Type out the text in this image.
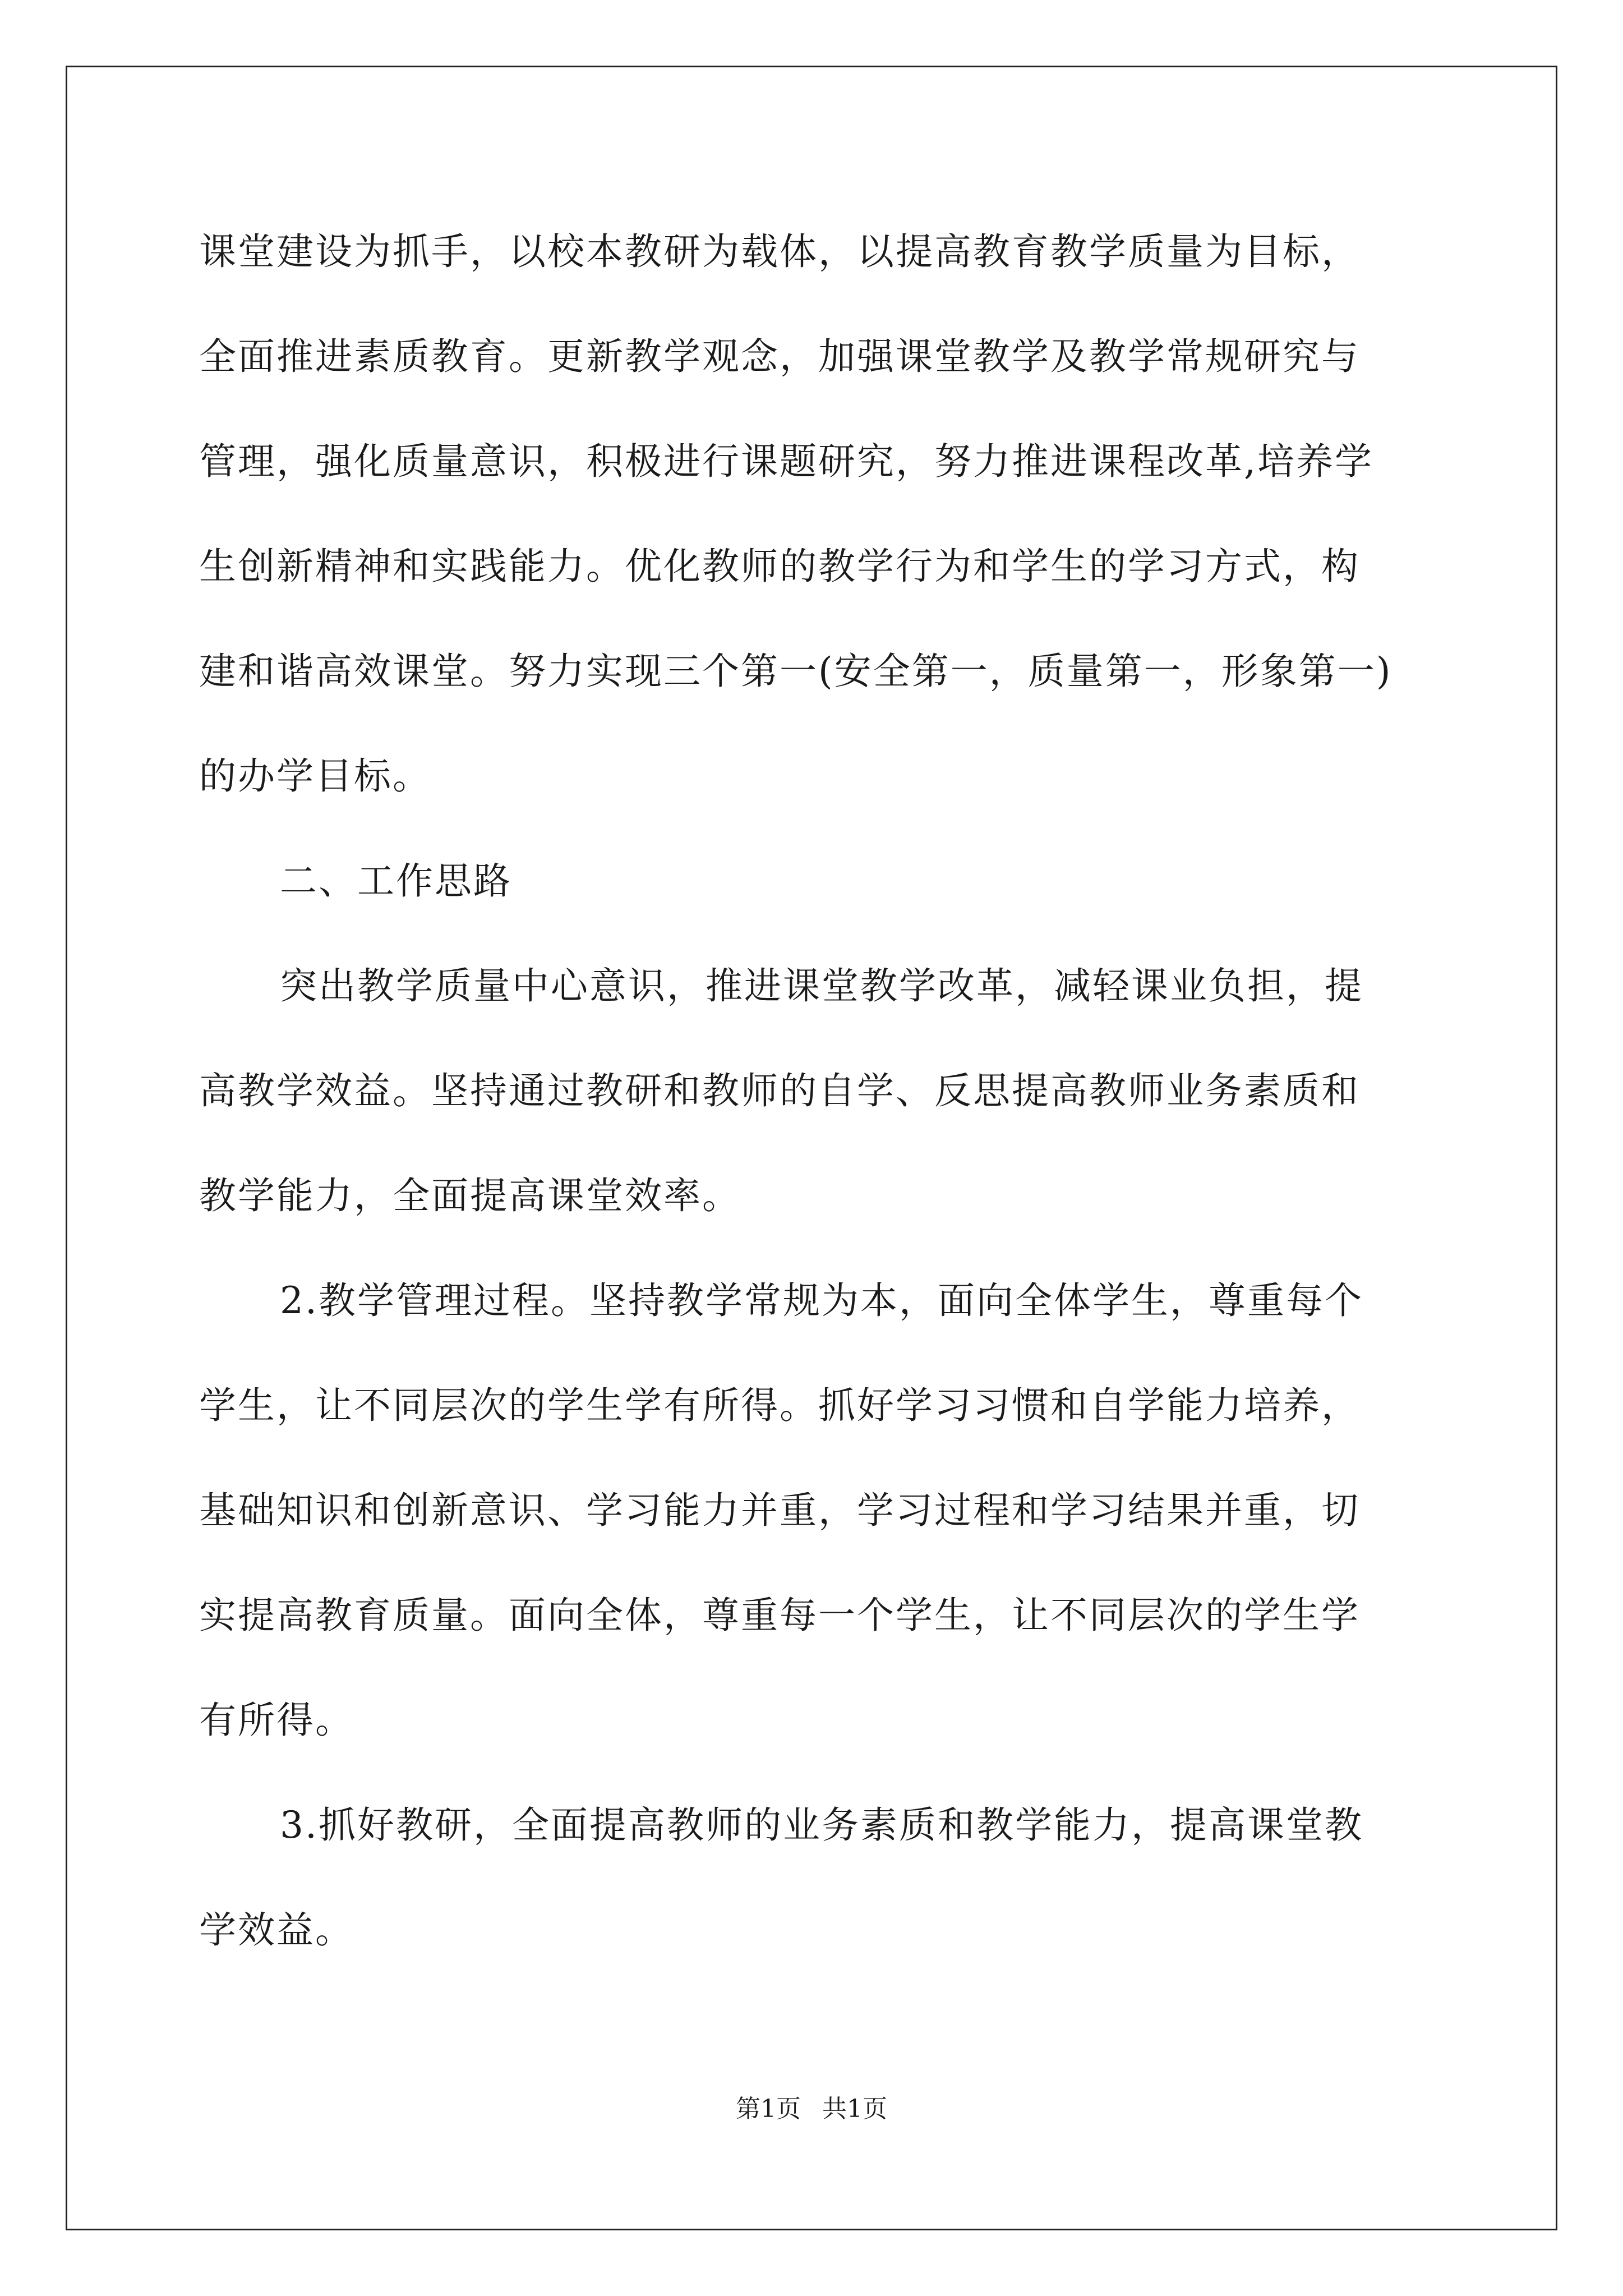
课堂建设为抓手，以校本教研为载体，以提高教育教学质量为目标，
全面推进素质教育。更新教学观念，加强课堂教学及教学常规研究与
管理，强化质量意识，积极进行课题研究，努力推进课程改革,培养学
生创新精神和实践能力。优化教师的教学行为和学生的学习方式，构
建和谐高效课堂。努力实现三个第一(安全第一，质量第一，形象第一)
的办学目标。
二、工作思路
突出教学质量中心意识，推进课堂教学改革，减轻课业负担，提
高教学效益。坚持通过教研和教师的自学、反思提高教师业务素质和
教学能力，全面提高课堂效率。
2.教学管理过程。坚持教学常规为本，面向全体学生，尊重每个
学生，让不同层次的学生学有所得。抓好学习习惯和自学能力培养，
基础知识和创新意识、学习能力并重，学习过程和学习结果并重，切
实提高教育质量。面向全体，尊重每一个学生，让不同层次的学生学
有所得。
3.抓好教研，全面提高教师的业务素质和教学能力，提高课堂教
学效益。
第1页 共1页
